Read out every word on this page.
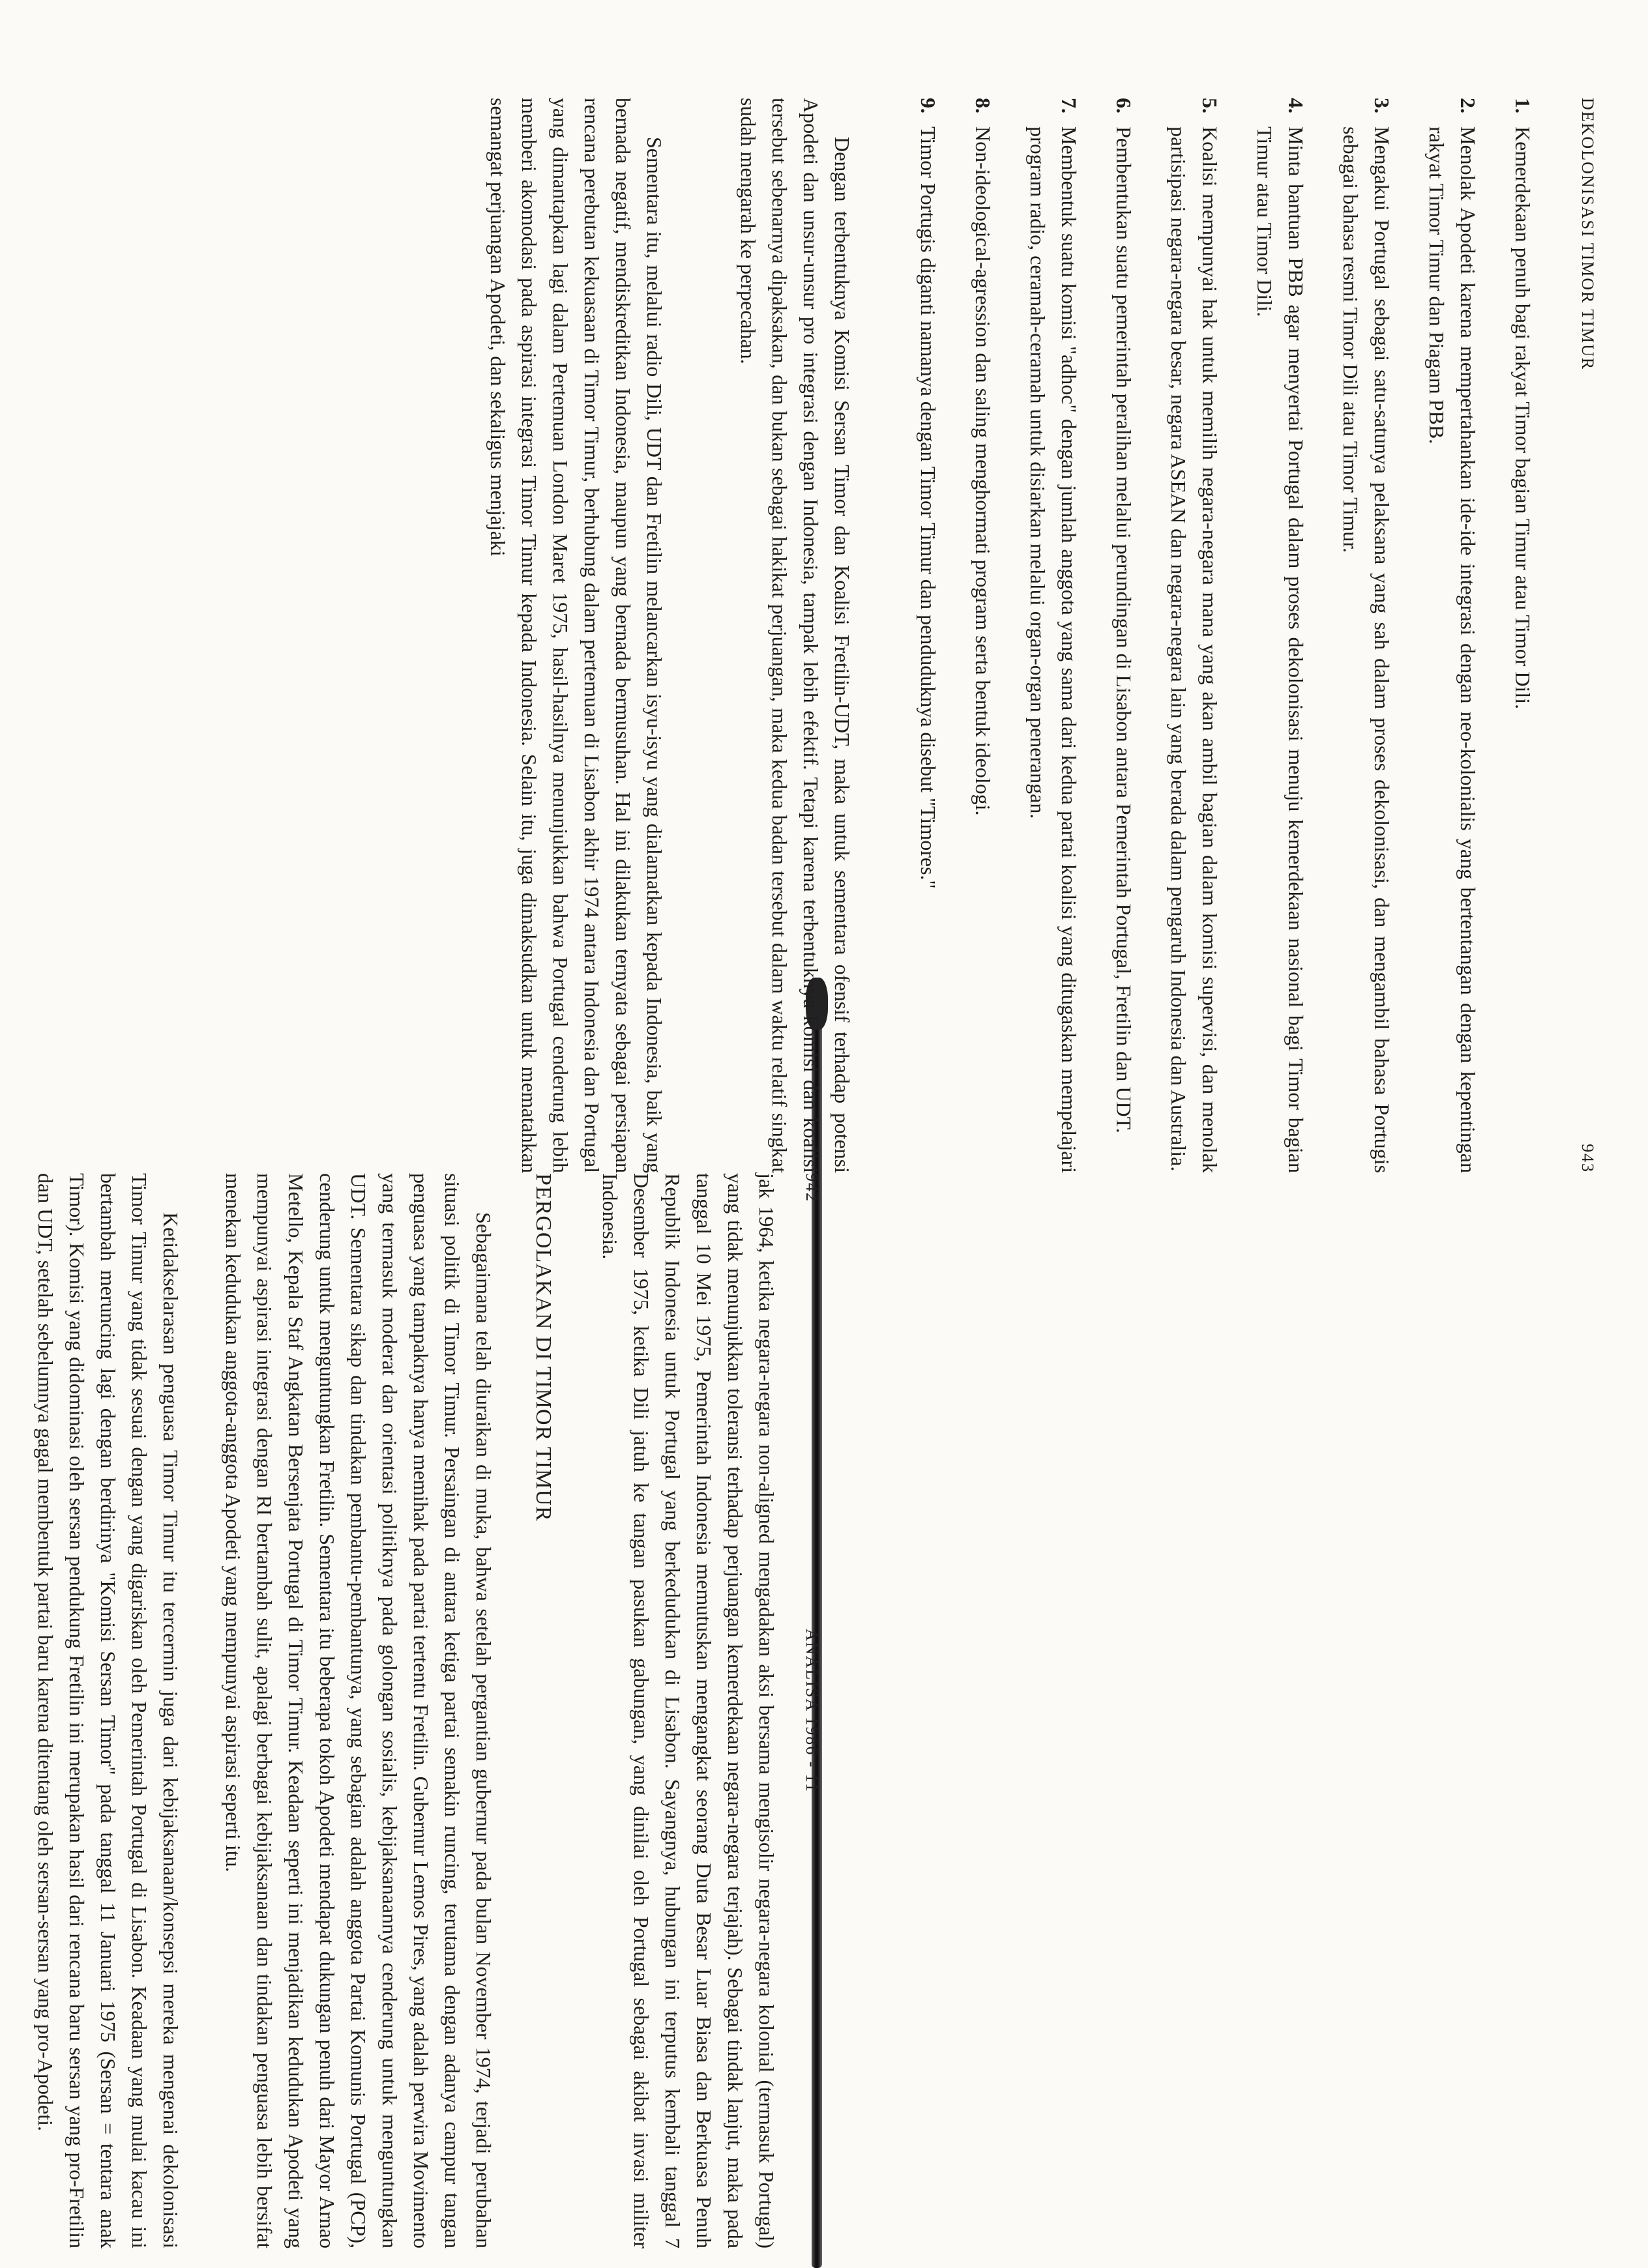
942
ANALISA 1986 - 11

jak 1964, ketika negara-negara non-aligned mengadakan aksi bersama mengisolir negara-negara kolonial (termasuk Portugal) yang tidak menunjukkan toleransi terhadap perjuangan kemerdekaan negara-negara terjajah). Sebagai tindak lanjut, maka pada tanggal 10 Mei 1975, Pemerintah Indonesia memutuskan mengangkat seorang Duta Besar Luar Biasa dan Berkuasa Penuh Republik Indonesia untuk Portugal yang berkedudukan di Lisabon. Sayangnya, hubungan ini terputus kembali tanggal 7 Desember 1975, ketika Dili jatuh ke tangan pasukan gabungan, yang dinilai oleh Portugal sebagai akibat invasi militer Indonesia.

PERGOLAKAN DI TIMOR TIMUR

Sebagaimana telah diuraikan di muka, bahwa setelah pergantian gubernur pada bulan November 1974, terjadi perubahan situasi politik di Timor Timur. Persaingan di antara ketiga partai semakin runcing, terutama dengan adanya campur tangan penguasa yang tampaknya hanya memihak pada partai tertentu Fretilin. Gubernur Lemos Pires, yang adalah perwira Movimento yang termasuk moderat dan orientasi politiknya pada golongan sosialis, kebijaksanaannya cenderung untuk menguntungkan UDT. Sementara sikap dan tindakan pembantu-pembantunya, yang sebagian adalah anggota Partai Komunis Portugal (PCP), cenderung untuk menguntungkan Fretilin. Sementara itu beberapa tokoh Apodeti mendapat dukungan penuh dari Mayor Arnao Metello, Kepala Staf Angkatan Bersenjata Portugal di Timor Timur. Keadaan seperti ini menjadikan kedudukan Apodeti yang mempunyai aspirasi integrasi dengan RI bertambah sulit, apalagi berbagai kebijaksanaan dan tindakan penguasa lebih bersifat menekan kedudukan anggota-anggota Apodeti yang mempunyai aspirasi seperti itu.

Ketidakselarasan penguasa Timor Timur itu tercermin juga dari kebijaksanaan/konsepsi mereka mengenai dekolonisasi Timor Timur yang tidak sesuai dengan yang digariskan oleh Pemerintah Portugal di Lisabon. Keadaan yang mulai kacau ini bertambah meruncing lagi dengan berdirinya "Komisi Sersan Timor" pada tanggal 11 Januari 1975 (Sersan = tentara anak Timor). Komisi yang didominasi oleh sersan pendukung Fretilin ini merupakan hasil dari rencana baru sersan yang pro-Fretilin dan UDT, setelah sebelumnya gagal membentuk partai baru karena ditentang oleh sersan-sersan yang pro-Apodeti.

DEKOLONISASI TIMOR TIMUR
943
1.
Kemerdekaan penuh bagi rakyat Timor bagian Timur atau Timor Dili.
2.
Menolak Apodeti karena mempertahankan ide-ide integrasi dengan neo-kolonialis yang bertentangan dengan kepentingan rakyat Timor Timur dan Piagam PBB.
3.
Mengakui Portugal sebagai satu-satunya pelaksana yang sah dalam proses dekolonisasi, dan mengambil bahasa Portugis sebagai bahasa resmi Timor Dili atau Timor Timur.
4.
Minta bantuan PBB agar menyertai Portugal dalam proses dekolonisasi menuju kemerdekaan nasional bagi Timor bagian Timur atau Timor Dili.
5.
Koalisi mempunyai hak untuk memilih negara-negara mana yang akan ambil bagian dalam komisi supervisi, dan menolak partisipasi negara-negara besar, negara ASEAN dan negara-negara lain yang berada dalam pengaruh Indonesia dan Australia.
6.
Pembentukan suatu pemerintah peralihan melalui perundingan di Lisabon antara Pemerintah Portugal, Fretilin dan UDT.
7.
Membentuk suatu komisi "adhoc" dengan jumlah anggota yang sama dari kedua partai koalisi yang ditugaskan mempelajari program radio, ceramah-ceramah untuk disiarkan melalui organ-organ penerangan.
8.
Non-ideological-agression dan saling menghormati program serta bentuk ideologi.
9.
Timor Portugis diganti namanya dengan Timor Timur dan penduduknya disebut "Timores."

Dengan terbentuknya Komisi Sersan Timor dan Koalisi Fretilin-UDT, maka untuk sementara ofensif terhadap potensi Apodeti dan unsur-unsur pro integrasi dengan Indonesia, tampak lebih efektif. Tetapi karena terbentuknya komisi dan koalisi tersebut sebenarnya dipaksakan, dan bukan sebagai hakikat perjuangan, maka kedua badan tersebut dalam waktu relatif singkat sudah mengarah ke perpecahan.

Sementara itu, melalui radio Dili, UDT dan Fretilin melancarkan isyu-isyu yang dialamatkan kepada Indonesia, baik yang bernada negatif, mendiskreditkan Indonesia, maupun yang bernada bermusuhan. Hal ini dilakukan ternyata sebagai persiapan rencana perebutan kekuasaan di Timor Timur, berhubung dalam pertemuan di Lisabon akhir 1974 antara Indonesia dan Portugal yang dimantapkan lagi dalam Pertemuan London Maret 1975, hasil-hasilnya menunjukkan bahwa Portugal cenderung lebih memberi akomodasi pada aspirasi integrasi Timor Timur kepada Indonesia. Selain itu, juga dimaksudkan untuk mematahkan semangat perjuangan Apodeti, dan sekaligus menjajaki
